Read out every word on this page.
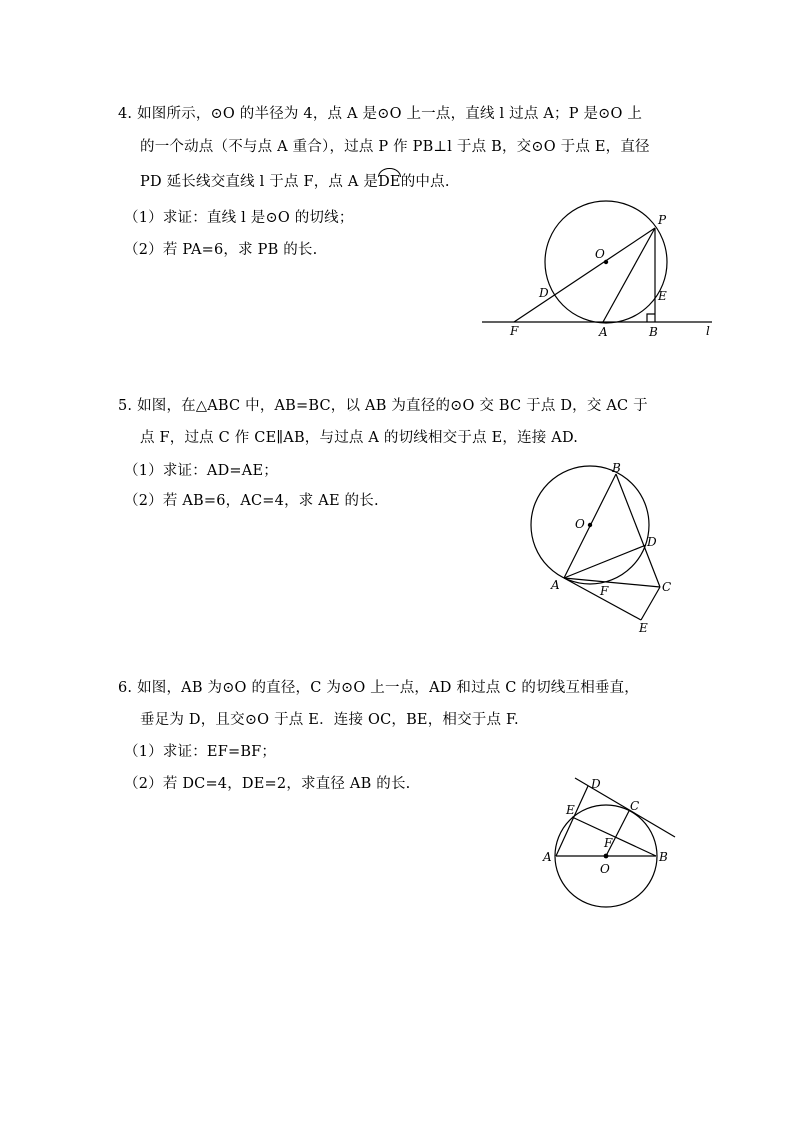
4. 如图所示，⊙O 的半径为 4，点 A 是⊙O 上一点，直线 l 过点 A；P 是⊙O 上
的一个动点（不与点 A 重合），过点 P 作 PB⊥l 于点 B，交⊙O 于点 E，直径
PD 延长线交直线 l 于点 F，点 A 是DE的中点.
（1）求证：直线 l 是⊙O 的切线；
（2）若 PA=6，求 PB 的长.
P
O
E
D
F	A	B	l
5. 如图，在△ABC 中，AB=BC，以 AB 为直径的⊙O 交 BC 于点 D，交 AC 于
点 F，过点 C 作 CE∥AB，与过点 A 的切线相交于点 E，连接 AD.
（1）求证：AD=AE；
（2）若 AB=6，AC=4，求 AE 的长.
B
O
D
A	F	C
E
6. 如图，AB 为⊙O 的直径，C 为⊙O 上一点，AD 和过点 C 的切线互相垂直，
垂足为 D，且交⊙O 于点 E．连接 OC，BE，相交于点 F.
（1）求证：EF=BF；
（2）若 DC=4，DE=2，求直径 AB 的长.	D
E	C
F
A
O
B
